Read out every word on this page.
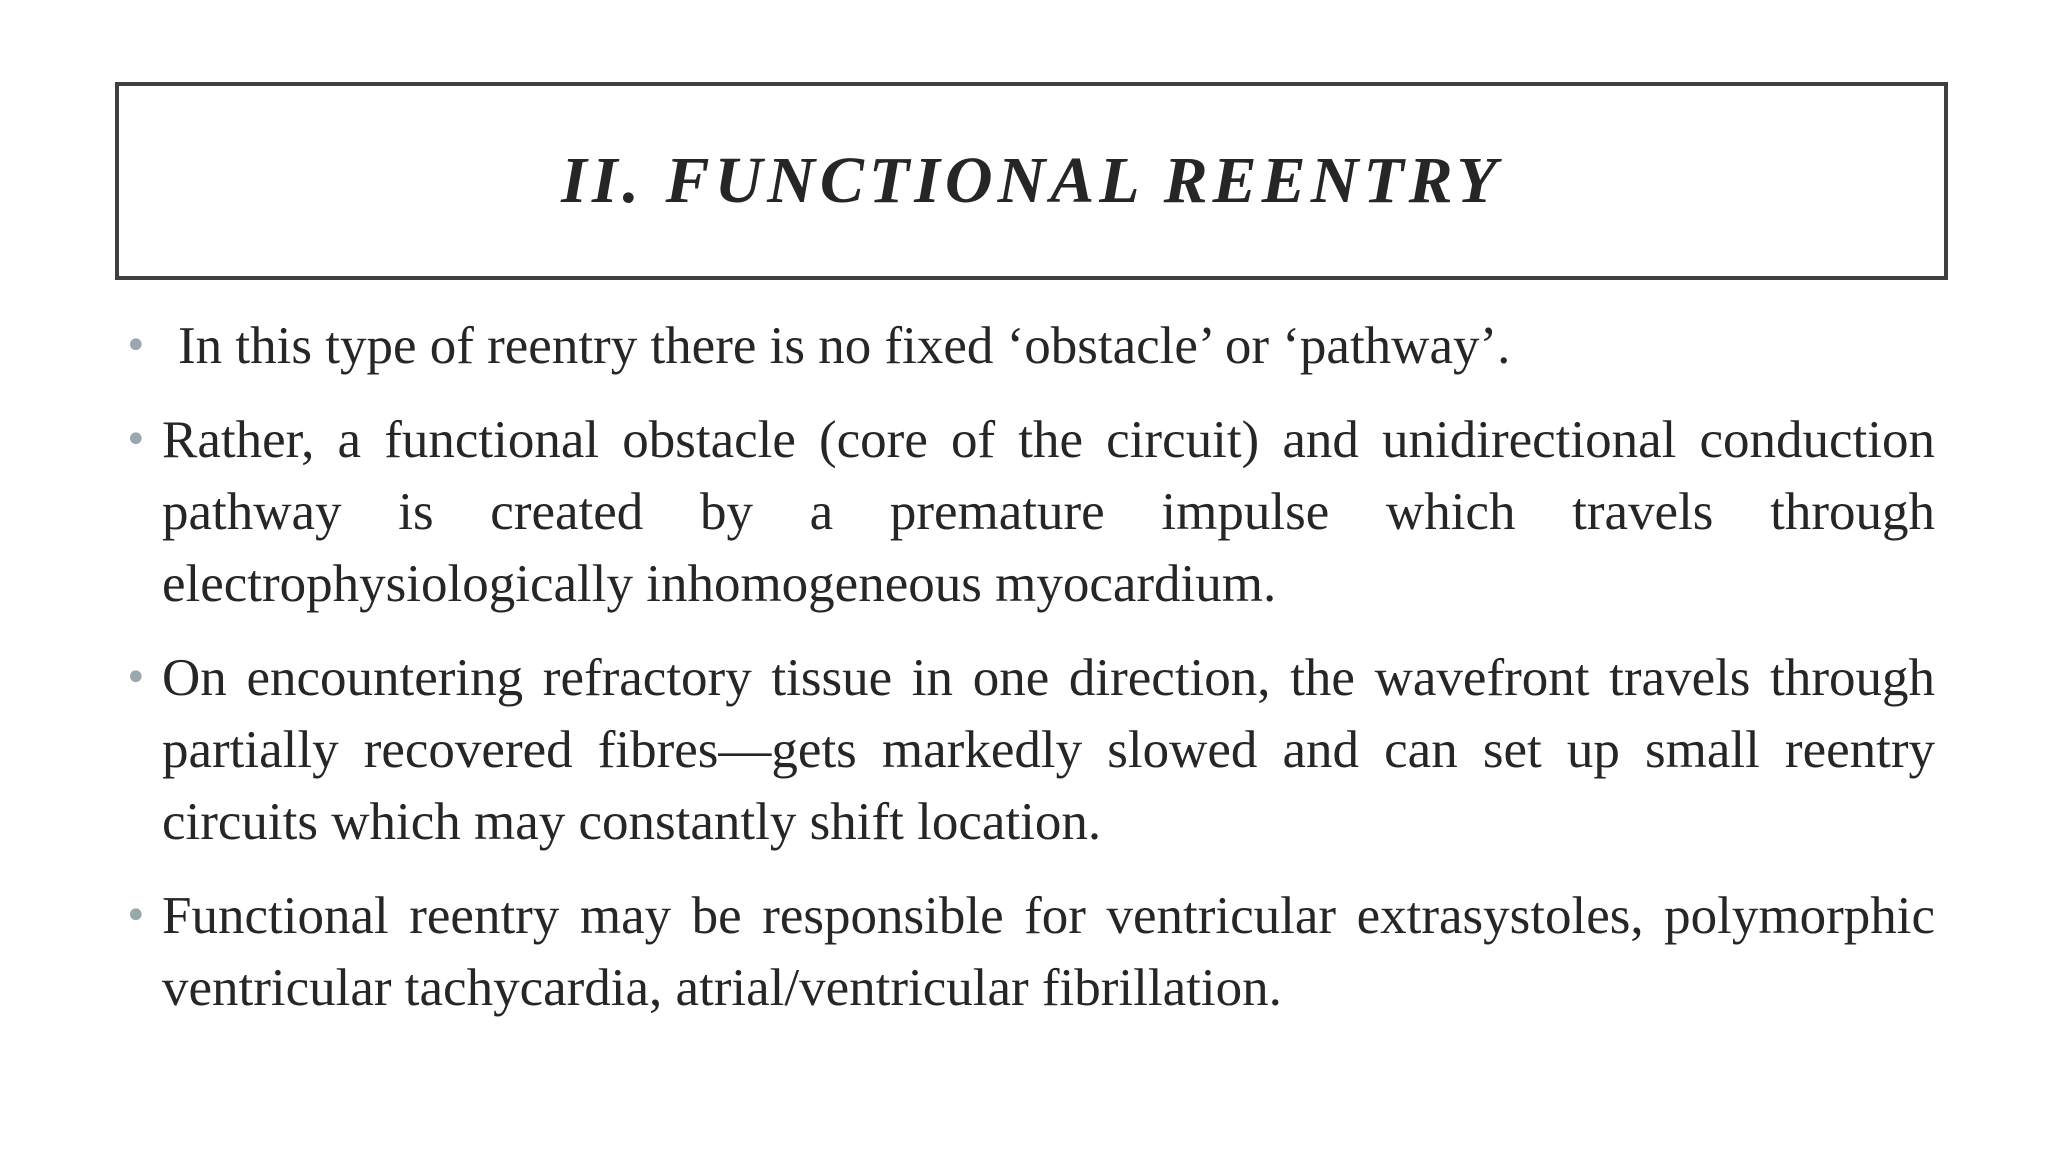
II. FUNCTIONAL REENTRY
• In this type of reentry there is no fixed ‘obstacle’ or ‘pathway’.
• Rather, a functional obstacle (core of the circuit) and unidirectional conduction pathway is created by a premature impulse which travels through electrophysiologically inhomogeneous myocardium.
• On encountering refractory tissue in one direction, the wavefront travels through partially recovered fibres—gets markedly slowed and can set up small reentry circuits which may constantly shift location.
• Functional reentry may be responsible for ventricular extrasystoles, polymorphic ventricular tachycardia, atrial/ventricular fibrillation.
